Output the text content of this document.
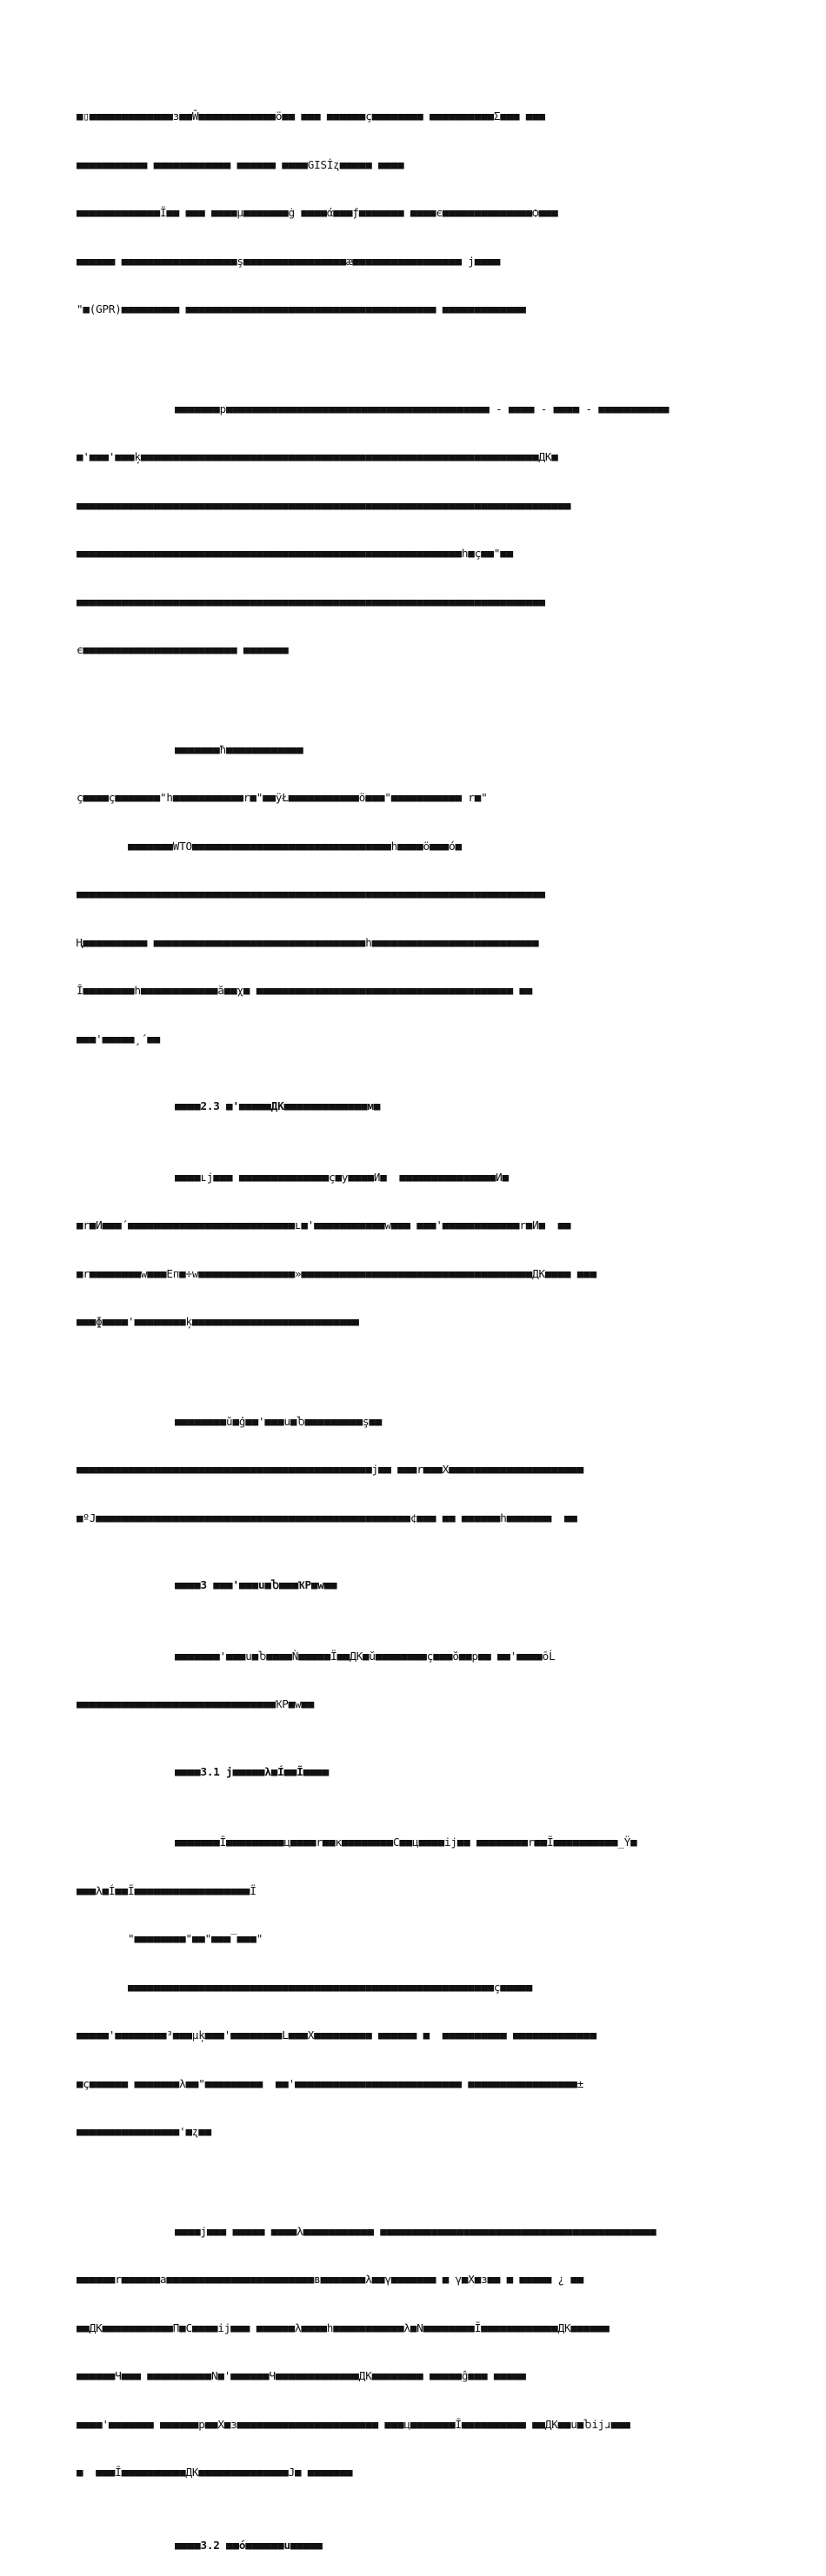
■▯■■■■■■■■■■■■■з■■Ŵ■■■■■■■■■■■■ö■■ ■■■ ■■■■■■ç■■■■■■■■ ■■■■■■■■■■Σ■■■ ■■■

■■■■■■■■■■■ ■■■■■■■■■■■■ ■■■■■■ ■■■■GISİʐ■■■■■ ■■■■

■■■■■■■■■■■■■Ï■■ ■■■ ■■■■μ■■■■■■■ġ ■■■■ά■■■ƒ■■■■■■■ ■■■■є■■■■■■■■■■■■■■ѻ■■■

■■■■■■ ■■■■■■■■■■■■■■■■■■ş■■■■■■■■■■■■■■■■æ■■■■■■■■■■■■■■■■■ j■■■■

"■(GPR)■■■■■■■■■ ■■■■■■■■■■■■■■■■■■■■■■■■■■■■■■■■■■■■■■■ ■■■■■■■■■■■■■

■■■■■■■p■■■■■■■■■■■■■■■■■■■■■■■■■■■■■■■■■■■■■■■■■ - ■■■■ - ■■■■ - ■■■■■■■■■■■

■'■■■'■■■ķ■■■■■■■■■■■■■■■■■■■■■■■■■■■■■■■■■■■■■■■■■■■■■■■■■■■■■■■■■■■■■■ДК■

■■■■■■■■■■■■■■■■■■■■■■■■■■■■■■■■■■■■■■■■■■■■■■■■■■■■■■■■■■■■■■■■■■■■■■■■■■■■■

■■■■■■■■■■■■■■■■■■■■■■■■■■■■■■■■■■■■■■■■■■■■■■■■■■■■■■■■■■■■h■ç■■"■■

■■■■■■■■■■■■■■■■■■■■■■■■■■■■■■■■■■■■■■■■■■■■■■■■■■■■■■■■■■■■■■■■■■■■■■■■■

є■■■■■■■■■■■■■■■■■■■■■■■■ ■■■■■■■

■■■■■■■ħ■■■■■■■■■■■■

ç■■■■ç■■■■■■■"h■■■■■■■■■■■r■"■■ÿŁ■■■■■■■■■■■ö■■■"■■■■■■■■■■■ r■"

■■■■■■■WTO■■■■■■■■■■■■■■■■■■■■■■■■■■■■■■■h■■■■ö■■■ό■

■■■■■■■■■■■■■■■■■■■■■■■■■■■■■■■■■■■■■■■■■■■■■■■■■■■■■■■■■■■■■■■■■■■■■■■■■

Ң■■■■■■■■■■ ■■■■■■■■■■■■■■■■■■■■■■■■■■■■■■■■■h■■■■■■■■■■■■■■■■■■■■■■■■■■

Ī■■■■■■■■h■■■■■■■■■■■■ă■■χ■ ■■■■■■■■■■■■■■■■■■■■■■■■■■■■■■■■■■■■■■■■ ■■

■■■'■■■■■¸´■■

■■■■2.3 ■'■■■■■ДК■■■■■■■■■■■■■м■

■■■■ʟj■■■ ■■■■■■■■■■■■■■ç■у■■■■И■  ■■■■■■■■■■■■■■■И■

■r■И■■■´■■■■■■■■■■■■■■■■■■■■■■■■■■ʟ■'■■■■■■■■■■■w■■■ ■■■'■■■■■■■■■■■■r■И■  ■■

■r■■■■■■■■w■■■Eп■÷w■■■■■■■■■■■■■■■»■■■■■■■■■■■■■■■■■■■■■■■■■■■■■■■■■■■■ДК■■■■ ■■■

■■■ɸ■■■■'■■■■■■■■ķ■■■■■■■■■■■■■■■■■■■■■■■■■■

■■■■■■■■ŭ■ģ■■'■■■u■Ⴆ■■■■■■■■■ş■■

■■■■■■■■■■■■■■■■■■■■■■■■■■■■■■■■■■■■■■■■■■■■■■j■■ ■■■r■■■X■■■■■■■■■■■■■■■■■■■■■

■ºJ■■■■■■■■■■■■■■■■■■■■■■■■■■■■■■■■■■■■■■■■■■■■■■■■■¢■■■ ■■ ■■■■■■h■■■■■■■  ■■

■■■■3 ■■■'■■■u■Ⴆ■■■ҠP■w■■

■■■■■■■'■■■u■Ⴆ■■■■Ǹ■■■■■Ï■■ДК■ŭ■■■■■■■■ç■■■ŏ■■p■■ ■■'■■■■ōĹ

■■■■■■■■■■■■■■■■■■■■■■■■■■■■■■■ҠP■w■■

■■■■3.1 j■■■■■λ■Í■■Ĩ■■■■

■■■■■■■Ĩ■■■■■■■■■ц■■■■r■■к■■■■■■■■C■■ц■■■■ij■■ ■■■■■■■■r■■Ĩ■■■■■■■■■■_Ÿ■

■■■λ■Í■■Ĩ■■■■■■■■■■■■■■■■■■Ï

"■■■■■■■■"■■"■■■‾■■■"

■■■■■■■■■■■■■■■■■■■■■■■■■■■■■■■■■■■■■■■■■■■■■■■■■■■■■■■■■ç■■■■■

■■■■■'■■■■■■■■³■■■μķ■■■'■■■■■■■■L■■■X■■■■■■■■■ ■■■■■■ ■  ■■■■■■■■■■ ■■■■■■■■■■■■■

■ç■■■■■■ ■■■■■■■λ■■"■■■■■■■■■  ■■'■■■■■■■■■■■■■■■■■■■■■■■■■■ ■■■■■■■■■■■■■■■■■±

■■■■■■■■■■■■■■■■'■ʐ■■

■■■■j■■■ ■■■■■ ■■■■λ■■■■■■■■■■■ ■■■■■■■■■■■■■■■■■■■■■■■■■■■■■■■■■■■■■■■■■■■

■■■■■■r■■■■■■a■■■■■■■■■■■■■■■■■■■■■■■ʙ■■■■■■■λ■■γ■■■■■■■ ■ γ■X■з■■ ■ ■■■■■ ¿ ■■

■■ДК■■■■■■■■■■■П■С■■■■ij■■■ ■■■■■■λ■■■■h■■■■■■■■■■■λ■N■■■■■■■■Ĩ■■■■■■■■■■■■ДК■■■■■■

■■■■■■Ч■■■ ■■■■■■■■■■N■'■■■■■■Ч■■■■■■■■■■■■■ДК■■■■■■■■ ■■■■■ĝ■■■ ■■■■■

■■■■'■■■■■■■ ■■■■■■p■■X■з■■■■■■■■■■■■■■■■■■■■■■ ■■■ц■■■■■■■Ĩ■■■■■■■■■■ ■■ДК■■u■Ⴆijɹ■■■

■  ■■■Ĩ■■■■■■■■■■ДК■■■■■■■■■■■■■■J■ ■■■■■■■

■■■■3.2 ■■ó■■■■■■u■■■■■
